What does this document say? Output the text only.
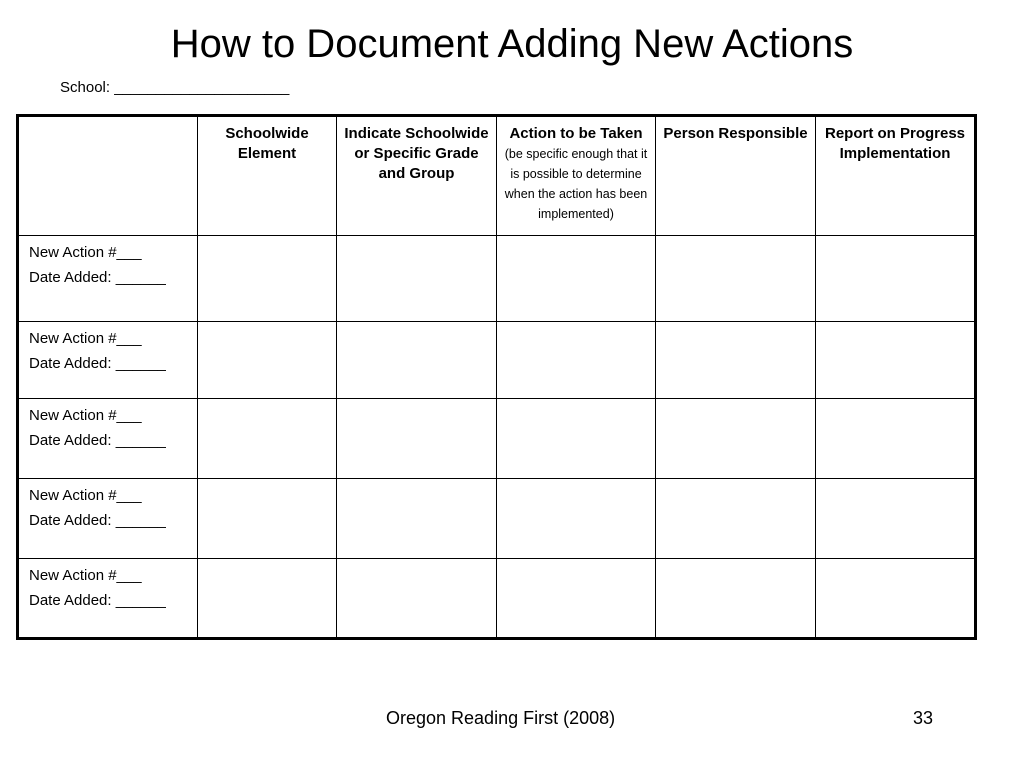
How to Document Adding New Actions
School: _____________________
	Schoolwide Element	Indicate Schoolwide or Specific Grade and Group	Action to be Taken (be specific enough that it is possible to determine when the action has been implemented)	Person Responsible	Report on Progress Implementation

New Action #___
Date Added: ______					

New Action #___
Date Added: ______					

New Action #___
Date Added: ______					

New Action #___
Date Added: ______					

New Action #___
Date Added: ______					

Oregon Reading First (2008)	33
